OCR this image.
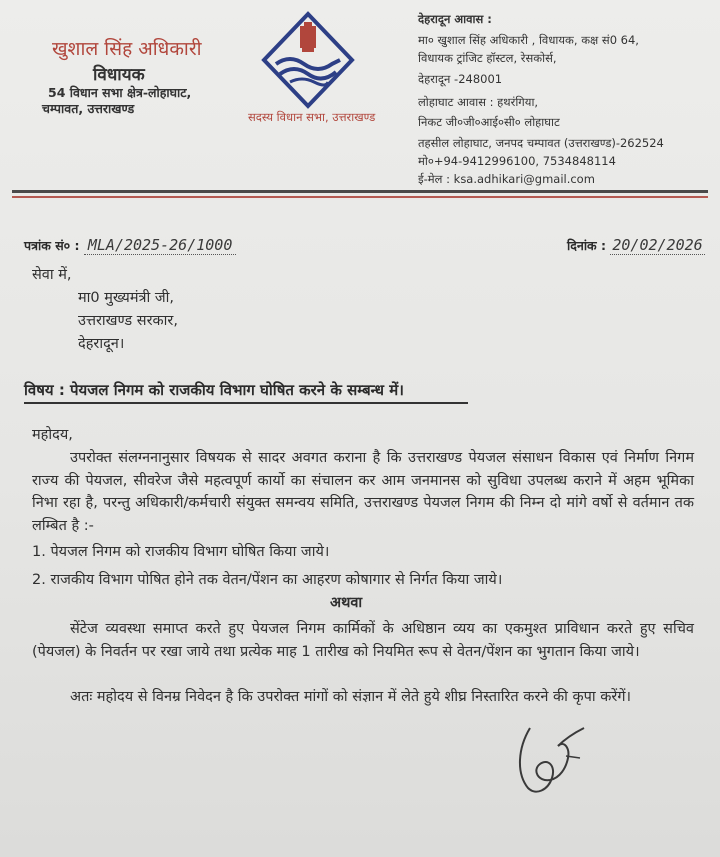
खुशाल सिंह अधिकारी
विधायक
54 विधान सभा क्षेत्र-लोहाघाट,
चम्पावत, उत्तराखण्ड
सदस्य विधान सभा, उत्तराखण्ड
देहरादून आवास :
मा० खुशाल सिंह अधिकारी , विधायक, कक्ष सं0 64,
विधायक ट्रांजिट हॉस्टल, रेसकोर्स,
देहरादून -248001
लोहाघाट आवास : हथरंगिया,
निकट जी०जी०आई०सी० लोहाघाट
तहसील लोहाघाट, जनपद चम्पावत (उत्तराखण्ड)-262524
मो०+94-9412996100, 7534848114
ई-मेल : ksa.adhikari@gmail.com
पत्रांक सं० : MLA/2025-26/1000	दिनांक : 20/02/2026
सेवा में,
मा0 मुख्यमंत्री जी,
उत्तराखण्ड सरकार,
देहरादून।
विषय : पेयजल निगम को राजकीय विभाग घोषित करने के सम्बन्ध में।
महोदय,

उपरोक्त संलग्ननानुसार विषयक से सादर अवगत कराना है कि उत्तराखण्ड पेयजल संसाधन विकास एवं निर्माण निगम राज्य की पेयजल, सीवरेज जैसे महत्वपूर्ण कार्यो का संचालन कर आम जनमानस को सुविधा उपलब्ध कराने में अहम भूमिका निभा रहा है, परन्तु अधिकारी/कर्मचारी संयुक्त समन्वय समिति, उत्तराखण्ड पेयजल निगम की निम्न दो मांगे वर्षो से वर्तमान तक लम्बित है :-

1. पेयजल निगम को राजकीय विभाग घोषित किया जाये।
2. राजकीय विभाग पोषित होने तक वेतन/पेंशन का आहरण कोषागार से निर्गत किया जाये।
अथवा

सेंटेज व्यवस्था समाप्त करते हुए पेयजल निगम कार्मिकों के अधिष्ठान व्यय का एकमुश्त प्राविधान करते हुए सचिव (पेयजल) के निवर्तन पर रखा जाये तथा प्रत्येक माह 1 तारीख को नियमित रूप से वेतन/पेंशन का भुगतान किया जाये।

अतः महोदय से विनम्र निवेदन है कि उपरोक्त मांगों को संज्ञान में लेते हुये शीघ्र निस्तारित करने की कृपा करेंगें।
